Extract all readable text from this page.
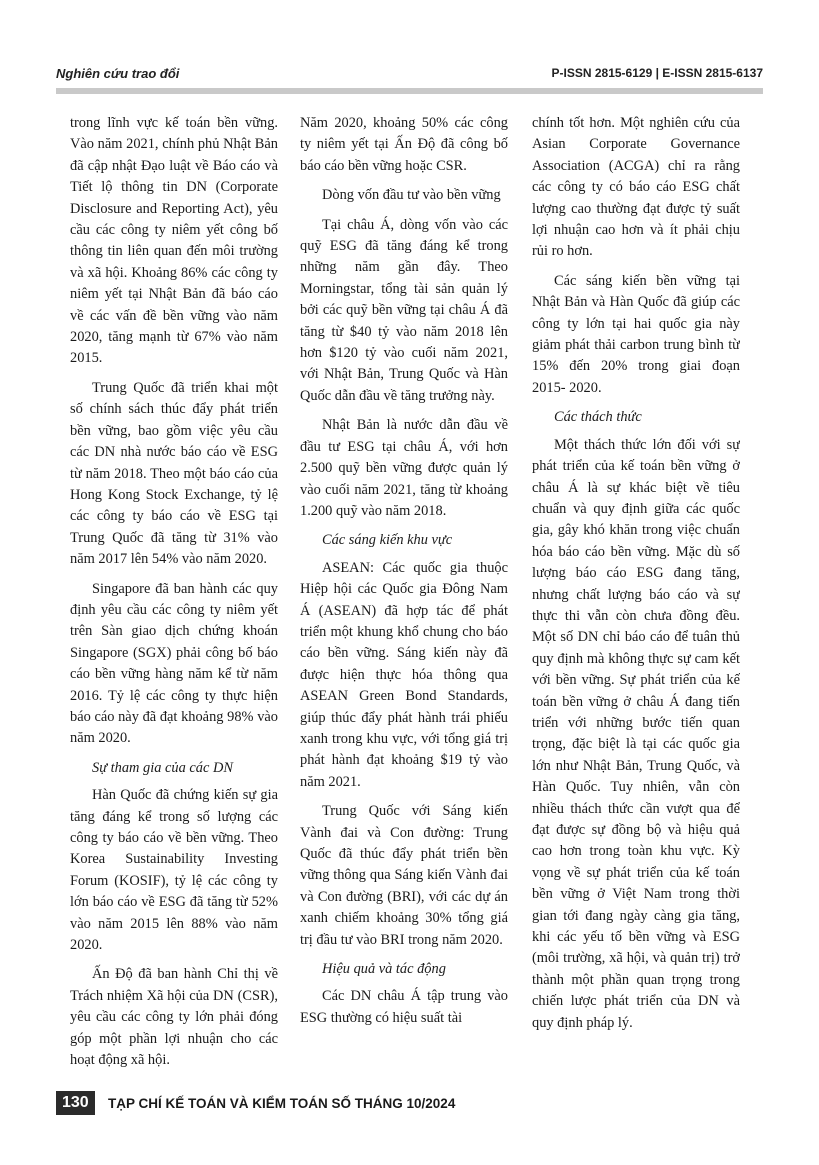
Nghiên cứu trao đổi	P-ISSN 2815-6129 | E-ISSN 2815-6137

trong lĩnh vực kế toán bền vững. Vào năm 2021, chính phủ Nhật Bản đã cập nhật Đạo luật về Báo cáo và Tiết lộ thông tin DN (Corporate Disclosure and Reporting Act), yêu cầu các công ty niêm yết công bố thông tin liên quan đến môi trường và xã hội. Khoảng 86% các công ty niêm yết tại Nhật Bản đã báo cáo về các vấn đề bền vững vào năm 2020, tăng mạnh từ 67% vào năm 2015.

Trung Quốc đã triển khai một số chính sách thúc đẩy phát triển bền vững, bao gồm việc yêu cầu các DN nhà nước báo cáo về ESG từ năm 2018. Theo một báo cáo của Hong Kong Stock Exchange, tỷ lệ các công ty báo cáo về ESG tại Trung Quốc đã tăng từ 31% vào năm 2017 lên 54% vào năm 2020.

Singapore đã ban hành các quy định yêu cầu các công ty niêm yết trên Sàn giao dịch chứng khoán Singapore (SGX) phải công bố báo cáo bền vững hàng năm kể từ năm 2016. Tỷ lệ các công ty thực hiện báo cáo này đã đạt khoảng 98% vào năm 2020.

Sự tham gia của các DN

Hàn Quốc đã chứng kiến sự gia tăng đáng kể trong số lượng các công ty báo cáo về bền vững. Theo Korea Sustainability Investing Forum (KOSIF), tỷ lệ các công ty lớn báo cáo về ESG đã tăng từ 52% vào năm 2015 lên 88% vào năm 2020.

Ấn Độ đã ban hành Chỉ thị về Trách nhiệm Xã hội của DN (CSR), yêu cầu các công ty lớn phải đóng góp một phần lợi nhuận cho các hoạt động xã hội.

Năm 2020, khoảng 50% các công ty niêm yết tại Ấn Độ đã công bố báo cáo bền vững hoặc CSR.

Dòng vốn đầu tư vào bền vững

Tại châu Á, dòng vốn vào các quỹ ESG đã tăng đáng kể trong những năm gần đây. Theo Morningstar, tổng tài sản quản lý bởi các quỹ bền vững tại châu Á đã tăng từ $40 tỷ vào năm 2018 lên hơn $120 tỷ vào cuối năm 2021, với Nhật Bản, Trung Quốc và Hàn Quốc dẫn đầu về tăng trưởng này.

Nhật Bản là nước dẫn đầu về đầu tư ESG tại châu Á, với hơn 2.500 quỹ bền vững được quản lý vào cuối năm 2021, tăng từ khoảng 1.200 quỹ vào năm 2018.

Các sáng kiến khu vực

ASEAN: Các quốc gia thuộc Hiệp hội các Quốc gia Đông Nam Á (ASEAN) đã hợp tác để phát triển một khung khổ chung cho báo cáo bền vững. Sáng kiến này đã được hiện thực hóa thông qua ASEAN Green Bond Standards, giúp thúc đẩy phát hành trái phiếu xanh trong khu vực, với tổng giá trị phát hành đạt khoảng $19 tỷ vào năm 2021.

Trung Quốc với Sáng kiến Vành đai và Con đường: Trung Quốc đã thúc đẩy phát triển bền vững thông qua Sáng kiến Vành đai và Con đường (BRI), với các dự án xanh chiếm khoảng 30% tổng giá trị đầu tư vào BRI trong năm 2020.

Hiệu quả và tác động

Các DN châu Á tập trung vào ESG thường có hiệu suất tài

chính tốt hơn. Một nghiên cứu của Asian Corporate Governance Association (ACGA) chỉ ra rằng các công ty có báo cáo ESG chất lượng cao thường đạt được tỷ suất lợi nhuận cao hơn và ít phải chịu rủi ro hơn.

Các sáng kiến bền vững tại Nhật Bản và Hàn Quốc đã giúp các công ty lớn tại hai quốc gia này giảm phát thải carbon trung bình từ 15% đến 20% trong giai đoạn 2015- 2020.

Các thách thức

Một thách thức lớn đối với sự phát triển của kế toán bền vững ở châu Á là sự khác biệt về tiêu chuẩn và quy định giữa các quốc gia, gây khó khăn trong việc chuẩn hóa báo cáo bền vững. Mặc dù số lượng báo cáo ESG đang tăng, nhưng chất lượng báo cáo và sự thực thi vẫn còn chưa đồng đều. Một số DN chỉ báo cáo để tuân thủ quy định mà không thực sự cam kết với bền vững. Sự phát triển của kế toán bền vững ở châu Á đang tiến triển với những bước tiến quan trọng, đặc biệt là tại các quốc gia lớn như Nhật Bản, Trung Quốc, và Hàn Quốc. Tuy nhiên, vẫn còn nhiều thách thức cần vượt qua để đạt được sự đồng bộ và hiệu quả cao hơn trong toàn khu vực. Kỳ vọng về sự phát triển của kế toán bền vững ở Việt Nam trong thời gian tới đang ngày càng gia tăng, khi các yếu tố bền vững và ESG (môi trường, xã hội, và quản trị) trở thành một phần quan trọng trong chiến lược phát triển của DN và quy định pháp lý.

130	TẠP CHÍ KẾ TOÁN VÀ KIỂM TOÁN SỐ THÁNG 10/2024
